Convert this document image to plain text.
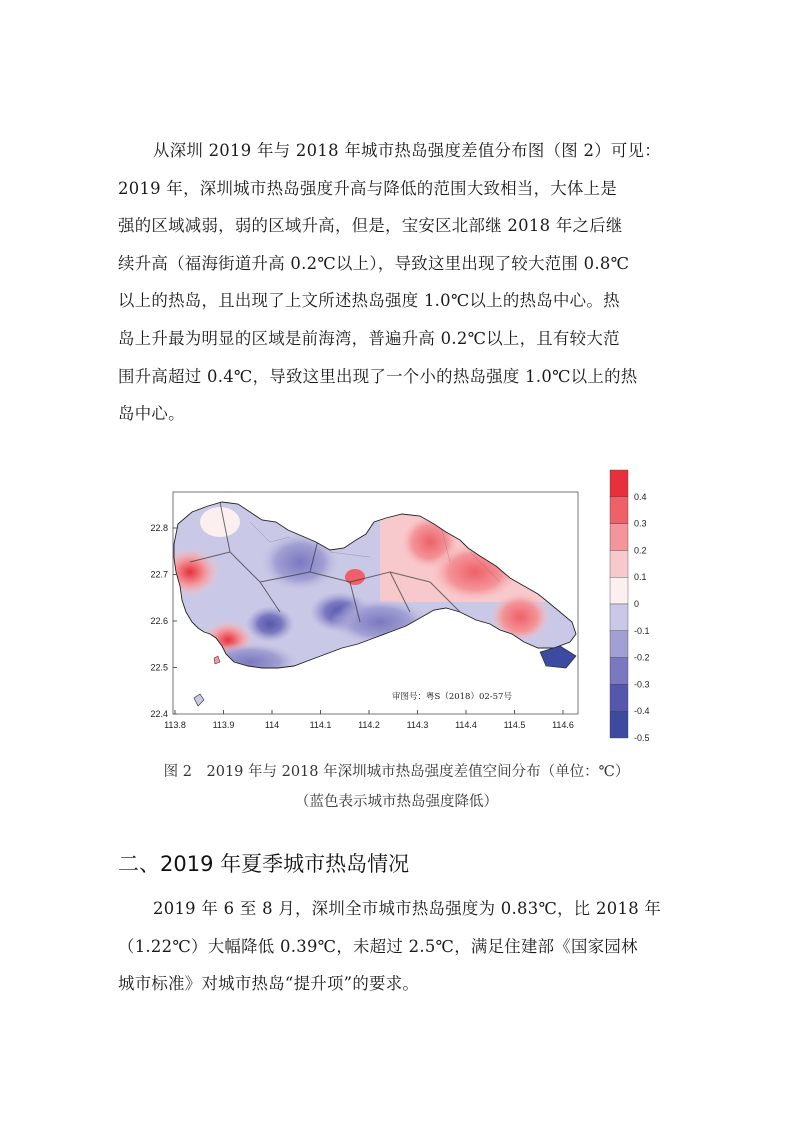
从深圳 2019 年与 2018 年城市热岛强度差值分布图（图 2）可见：
2019 年，深圳城市热岛强度升高与降低的范围大致相当，大体上是
强的区域减弱，弱的区域升高，但是，宝安区北部继 2018 年之后继
续升高（福海街道升高 0.2℃以上），导致这里出现了较大范围 0.8℃
以上的热岛，且出现了上文所述热岛强度 1.0℃以上的热岛中心。热
岛上升最为明显的区域是前海湾，普遍升高 0.2℃以上，且有较大范
围升高超过 0.4℃，导致这里出现了一个小的热岛强度 1.0℃以上的热
岛中心。
审图号：粤S（2018）02-57号
113.8	113.9	114	114.1	114.2	114.3	114.4	114.5	114.6
22.8
22.7
22.6
22.5
22.4
0.4
0.3
0.2
0.1
0
-0.1
-0.2
-0.3
-0.4
-0.5
图 2　2019 年与 2018 年深圳城市热岛强度差值空间分布（单位：℃）
（蓝色表示城市热岛强度降低）
二、2019 年夏季城市热岛情况
2019 年 6 至 8 月，深圳全市城市热岛强度为 0.83℃，比 2018 年
（1.22℃）大幅降低 0.39℃，未超过 2.5℃，满足住建部《国家园林
城市标准》对城市热岛“提升项”的要求。
